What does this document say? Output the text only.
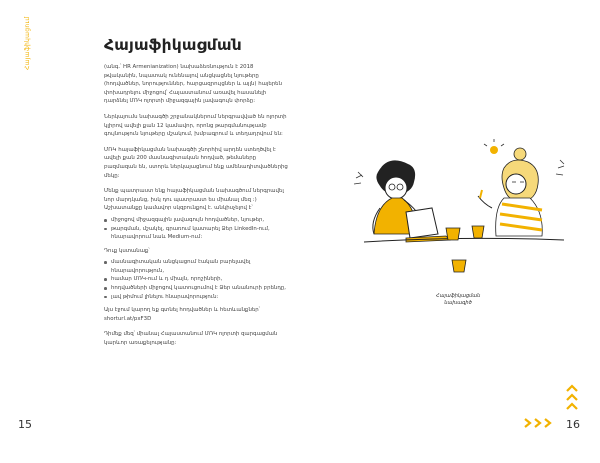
Հայաֆիկացում	Հայաֆիկացման

(անգ.՝ HR Armenianization) նախաձեռնություն է 2018 թվականին, նպատակ ունենալով անցկացնել նյութերը (հոդվածներ, նորություններ, հարցազրույցներ և այլն) հայերեն փոխադրելու միջոցով՝ Հայաստանում առավել հասանելի դարձնել ՄՌԿ ոլորտի միջազգային լավագույն փորձը:

Ներկայումս նախագծի շրջանակներում ներգրավված են ոլորտի կլիրով ավելի քան 12 կամավոր, որոնց թարգմանությամբ գույնություն նյութերը մշակում, խմբագրում և տեղադրվում են:

ՄՌԿ հայաֆիկացման նախագծի շնորհիվ արդեն ստեղծվել է ավելի քան 200 մասնագիտական հոդված, թեմաները բազմազան են, ստորև ներկայացնում ենք ամենադիտվածներից մեկը:

Մենք պատրաստ ենք հայաֆիկացման նախագծում ներգրավել նոր մարդկանց, իսկ դու պատրաստ ես միանալ մեզ :) Աշխատանքը կամավոր սկզբունքով է. անկիսչելով է՝

միջոցով միջազգային լավագույն հոդվածներ, նյութեր,
թարգման, մշակել, գրառում կատարել Ձեր LinkedIn-ում, հնարավորում նաև Medium-ում:

Դուք կստանաք՝

մասնագիտական անցկացում էական բարելավել հնարավորություն,
համար ՄՌԿ-ում և դ միայն, որոշիների,
հոդվածների միջոցով կատուցումով է Ձեր անանուրի բրենդը,
լավ թիմում լինելու հնարավորություն:

Այս էջում կարող եք գտնել հոդվածներ և հետևանքներ՝ shorturl.at/pxF3D

Դիմեք մեզ՝ միանալ Հայաստանում ՄՌԿ ոլորտի զարգացման կարևոր առաքելությանը:

Հայաֆիկացման նախագիծ
15	16
